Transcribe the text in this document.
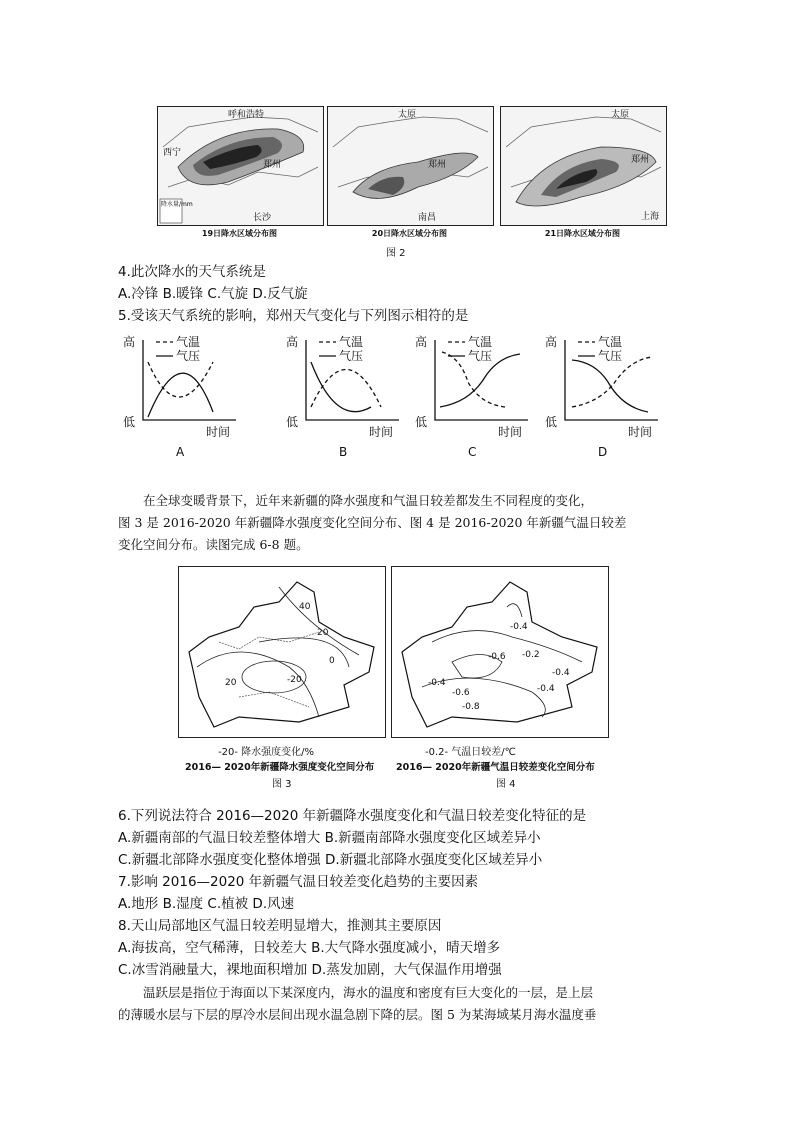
呼和浩特
郑州
西宁
长沙
降水量/mm
19日降水区域分布图
太原
郑州
南昌
20日降水区域分布图
太原
郑州
上海
21日降水区域分布图
图 2
4.此次降水的天气系统是
A.冷锋 B.暖锋 C.气旋 D.反气旋
5.受该天气系统的影响，郑州天气变化与下列图示相符的是
高
低
气温
气压
时间
A
高
低
气温
气压
时间
B
高
低
气温
气压
时间
C
高
低
气温
气压
时间
D
在全球变暖背景下，近年来新疆的降水强度和气温日较差都发生不同程度的变化，
图 3 是 2016-2020 年新疆降水强度变化空间分布、图 4 是 2016-2020 年新疆气温日较差
变化空间分布。读图完成 6-8 题。
40
20
0
20	-20
-20- 降水强度变化/%
2016— 2020年新疆降水强度变化空间分布
图 3
-0.4
-0.2
-0.4
-0.4
-0.6
-0.8
-0.6
-0.4
-0.2- 气温日较差/℃
2016— 2020年新疆气温日较差变化空间分布
图 4
6.下列说法符合 2016—2020 年新疆降水强度变化和气温日较差变化特征的是
A.新疆南部的气温日较差整体增大 B.新疆南部降水强度变化区域差异小
C.新疆北部降水强度变化整体增强 D.新疆北部降水强度变化区域差异小
7.影响 2016—2020 年新疆气温日较差变化趋势的主要因素
A.地形 B.湿度 C.植被 D.风速
8.天山局部地区气温日较差明显增大，推测其主要原因
A.海拔高，空气稀薄，日较差大 B.大气降水强度减小，晴天增多
C.冰雪消融量大，裸地面积增加 D.蒸发加剧，大气保温作用增强
温跃层是指位于海面以下某深度内，海水的温度和密度有巨大变化的一层，是上层
的薄暖水层与下层的厚冷水层间出现水温急剧下降的层。图 5 为某海域某月海水温度垂
